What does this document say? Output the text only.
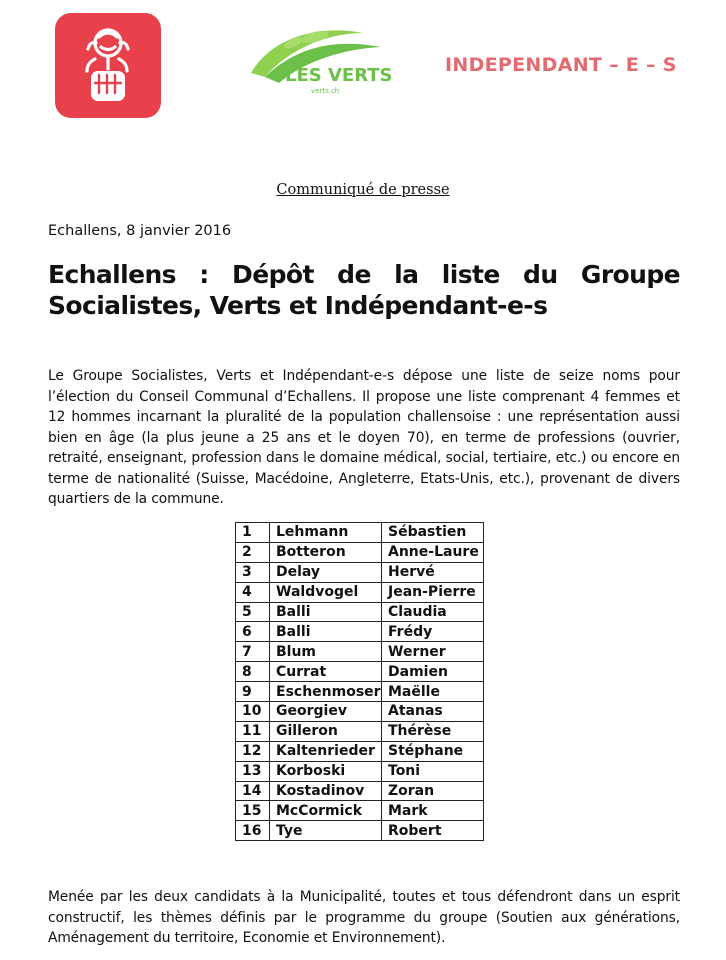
LES VERTS
verts.ch
INDEPENDANT – E – S
Communiqué de presse
Echallens, 8 janvier 2016
Echallens : Dépôt de la liste du Groupe
Socialistes, Verts et Indépendant-e-s
Le Groupe Socialistes, Verts et Indépendant-e-s dépose une liste de seize noms pour l’élection du Conseil Communal d’Echallens. Il propose une liste comprenant 4 femmes et 12 hommes incarnant la pluralité de la population challensoise : une représentation aussi bien en âge (la plus jeune a 25 ans et le doyen 70), en terme de professions (ouvrier, retraité, enseignant, profession dans le domaine médical, social, tertiaire, etc.) ou encore en terme de nationalité (Suisse, Macédoine, Angleterre, Etats-Unis, etc.), provenant de divers quartiers de la commune.
1	Lehmann	Sébastien
2	Botteron	Anne-Laure
3	Delay	Hervé
4	Waldvogel	Jean-Pierre
5	Balli	Claudia
6	Balli	Frédy
7	Blum	Werner
8	Currat	Damien
9	Eschenmoser	Maëlle
10	Georgiev	Atanas
11	Gilleron	Thérèse
12	Kaltenrieder	Stéphane
13	Korboski	Toni
14	Kostadinov	Zoran
15	McCormick	Mark
16	Tye	Robert
Menée par les deux candidats à la Municipalité, toutes et tous défendront dans un esprit constructif, les thèmes définis par le programme du groupe (Soutien aux générations, Aménagement du territoire, Economie et Environnement).
